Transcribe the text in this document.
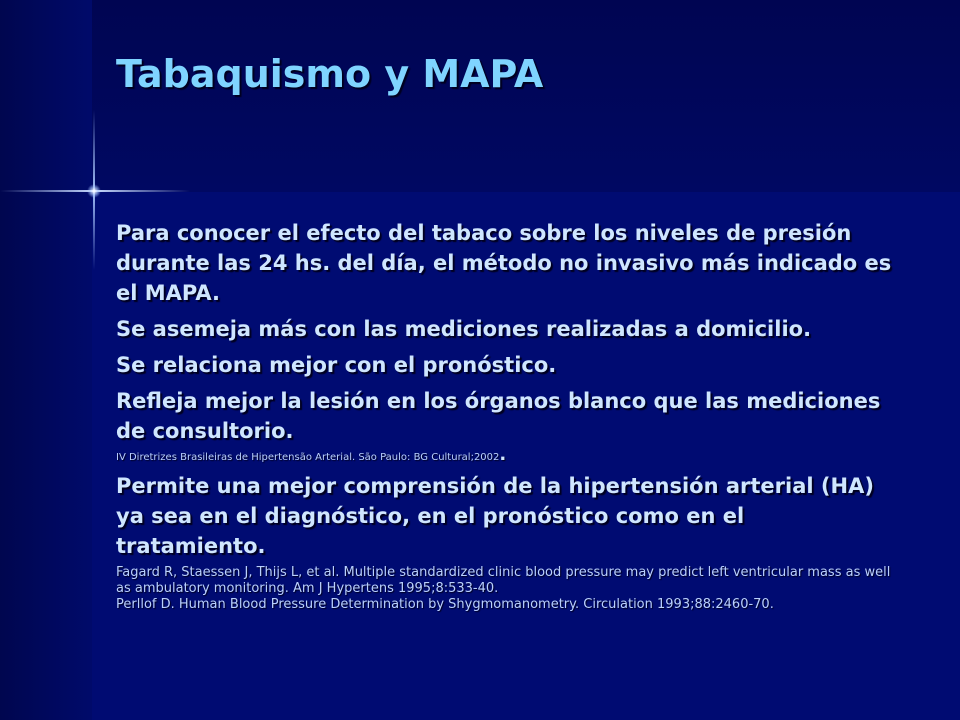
Tabaquismo y MAPA

Para conocer el efecto del tabaco sobre los niveles de presión durante las 24 hs. del día, el método no invasivo más indicado es el MAPA.

Se asemeja más con las mediciones realizadas a domicilio.

Se relaciona mejor con el pronóstico.

Refleja mejor la lesión en los órganos blanco que las mediciones de consultorio.

IV Diretrizes Brasileiras de Hipertensão Arterial. São Paulo: BG Cultural;2002.

Permite una mejor comprensión de la hipertensión arterial (HA) ya sea en el diagnóstico, en el pronóstico como en el tratamiento.

Fagard R, Staessen J, Thijs L, et al. Multiple standardized clinic blood pressure may predict left ventricular mass as well as ambulatory monitoring. Am J Hypertens 1995;8:533-40.
Perllof D. Human Blood Pressure Determination by Shygmomanometry. Circulation 1993;88:2460-70.
